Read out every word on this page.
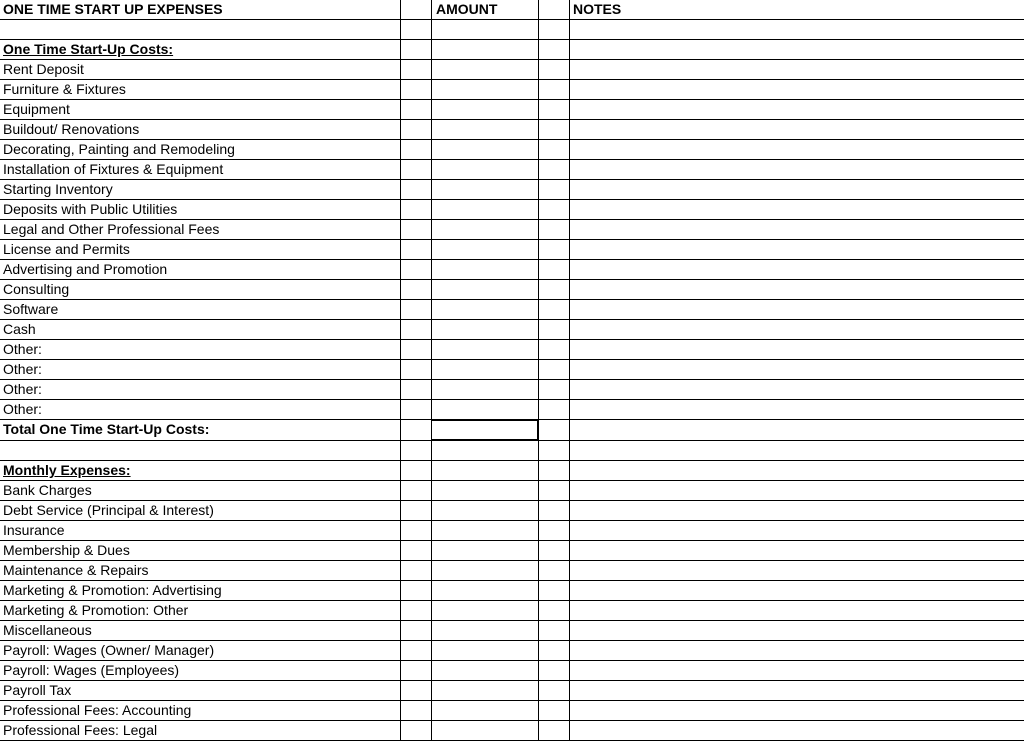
ONE TIME START UP EXPENSES	AMOUNT	NOTES
One Time Start-Up Costs:
Rent Deposit
Furniture & Fixtures
Equipment
Buildout/ Renovations
Decorating, Painting and Remodeling
Installation of Fixtures & Equipment
Starting Inventory
Deposits with Public Utilities
Legal and Other Professional Fees
License and Permits
Advertising and Promotion
Consulting
Software
Cash
Other:
Other:
Other:
Other:
Total One Time Start-Up Costs:
Monthly Expenses:
Bank Charges
Debt Service (Principal & Interest)
Insurance
Membership & Dues
Maintenance & Repairs
Marketing & Promotion: Advertising
Marketing & Promotion: Other
Miscellaneous
Payroll: Wages (Owner/ Manager)
Payroll: Wages (Employees)
Payroll Tax
Professional Fees: Accounting
Professional Fees: Legal
